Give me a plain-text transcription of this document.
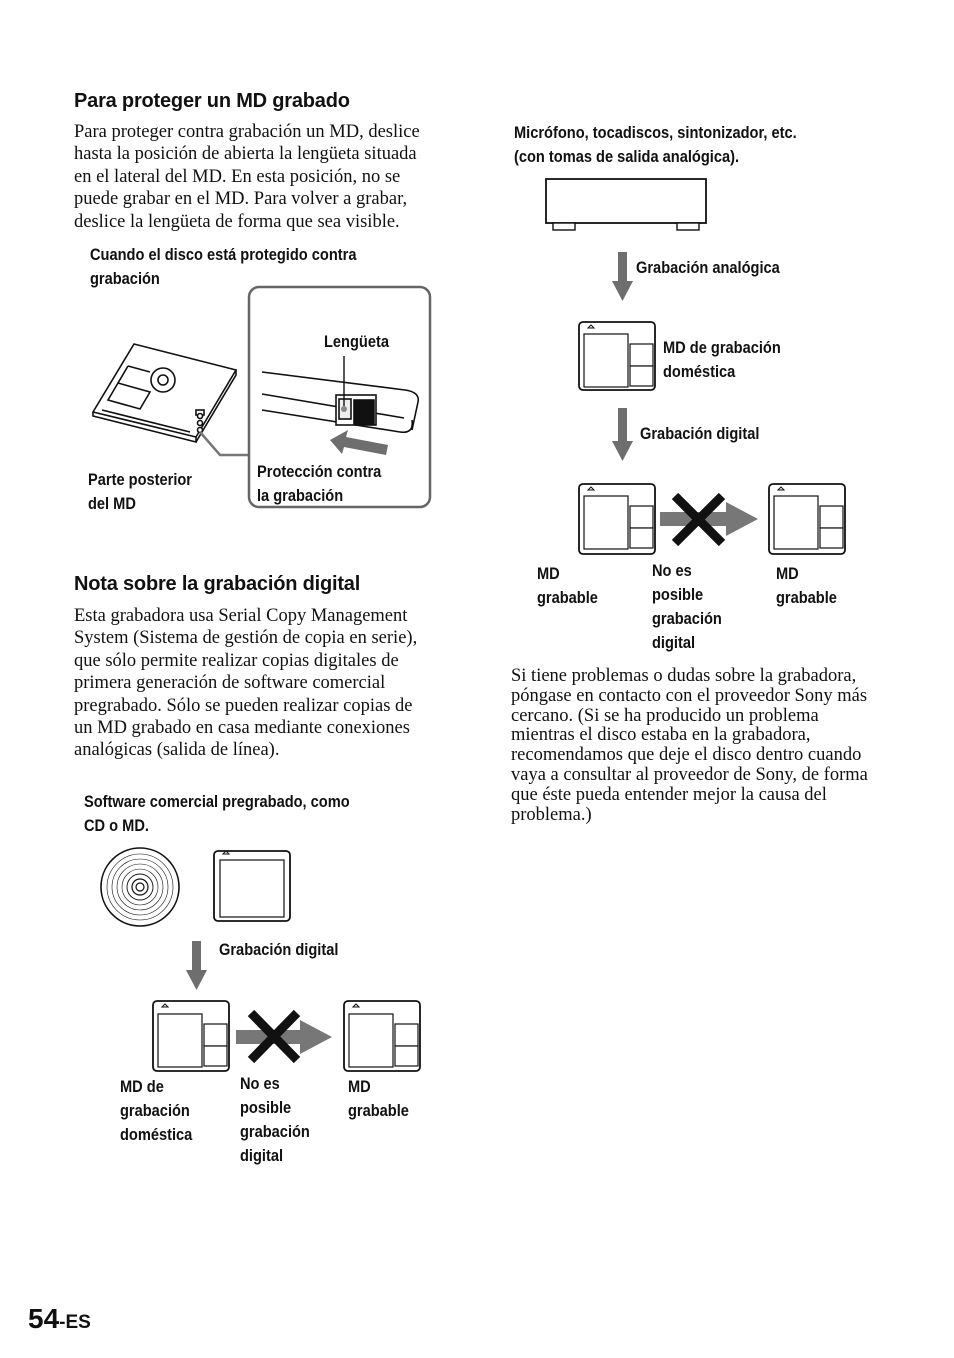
Para proteger un MD grabado
Para proteger contra grabación un MD, deslice
hasta la posición de abierta la lengüeta situada
en el lateral del MD. En esta posición, no se
puede grabar en el MD. Para volver a grabar,
deslice la lengüeta de forma que sea visible.
Cuando el disco está protegido contra
grabación
Lengüeta
Parte posterior
del MD
Protección contra
la grabación
Nota sobre la grabación digital
Esta grabadora usa Serial Copy Management
System (Sistema de gestión de copia en serie),
que sólo permite realizar copias digitales de
primera generación de software comercial
pregrabado. Sólo se pueden realizar copias de
un MD grabado en casa mediante conexiones
analógicas (salida de línea).
Software comercial pregrabado, como
CD o MD.
Grabación digital
MD de
grabación
doméstica
No es
posible
grabación
digital
MD
grabable
Micrófono, tocadiscos, sintonizador, etc.
(con tomas de salida analógica).
Grabación analógica
MD de grabación
doméstica
Grabación digital
MD
grabable
No es
posible
grabación
digital
MD
grabable
Si tiene problemas o dudas sobre la grabadora,
póngase en contacto con el proveedor Sony más
cercano. (Si se ha producido un problema
mientras el disco estaba en la grabadora,
recomendamos que deje el disco dentro cuando
vaya a consultar al proveedor de Sony, de forma
que éste pueda entender mejor la causa del
problema.)
54-ES
